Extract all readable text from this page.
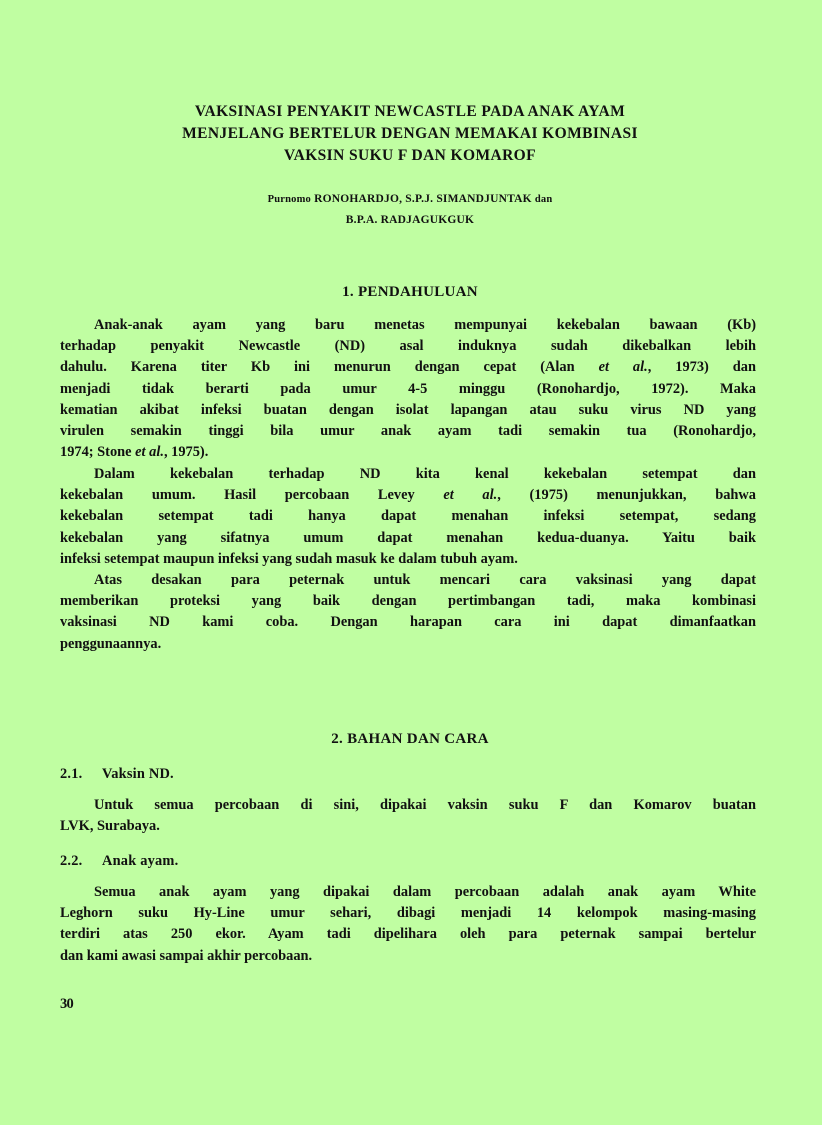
VAKSINASI PENYAKIT NEWCASTLE PADA ANAK AYAM
MENJELANG BERTELUR DENGAN MEMAKAI KOMBINASI
VAKSIN SUKU F DAN KOMAROF
Purnomo RONOHARDJO, S.P.J. SIMANDJUNTAK dan
B.P.A. RADJAGUKGUK
1. PENDAHULUAN
Anak-anak ayam yang baru menetas mempunyai kekebalan bawaan (Kb)
terhadap penyakit Newcastle (ND) asal induknya sudah dikebalkan lebih
dahulu. Karena titer Kb ini menurun dengan cepat (Alan et al., 1973) dan
menjadi tidak berarti pada umur 4-5 minggu (Ronohardjo, 1972). Maka
kematian akibat infeksi buatan dengan isolat lapangan atau suku virus ND yang
virulen semakin tinggi bila umur anak ayam tadi semakin tua (Ronohardjo,
1974; Stone et al., 1975).
Dalam kekebalan terhadap ND kita kenal kekebalan setempat dan
kekebalan umum. Hasil percobaan Levey et al., (1975) menunjukkan, bahwa
kekebalan setempat tadi hanya dapat menahan infeksi setempat, sedang
kekebalan yang sifatnya umum dapat menahan kedua-duanya. Yaitu baik
infeksi setempat maupun infeksi yang sudah masuk ke dalam tubuh ayam.
Atas desakan para peternak untuk mencari cara vaksinasi yang dapat
memberikan proteksi yang baik dengan pertimbangan tadi, maka kombinasi
vaksinasi ND kami coba. Dengan harapan cara ini dapat dimanfaatkan
penggunaannya.
2. BAHAN DAN CARA
2.1. Vaksin ND.
Untuk semua percobaan di sini, dipakai vaksin suku F dan Komarov buatan
LVK, Surabaya.
2.2. Anak ayam.
Semua anak ayam yang dipakai dalam percobaan adalah anak ayam White
Leghorn suku Hy-Line umur sehari, dibagi menjadi 14 kelompok masing-masing
terdiri atas 250 ekor. Ayam tadi dipelihara oleh para peternak sampai bertelur
dan kami awasi sampai akhir percobaan.
30
